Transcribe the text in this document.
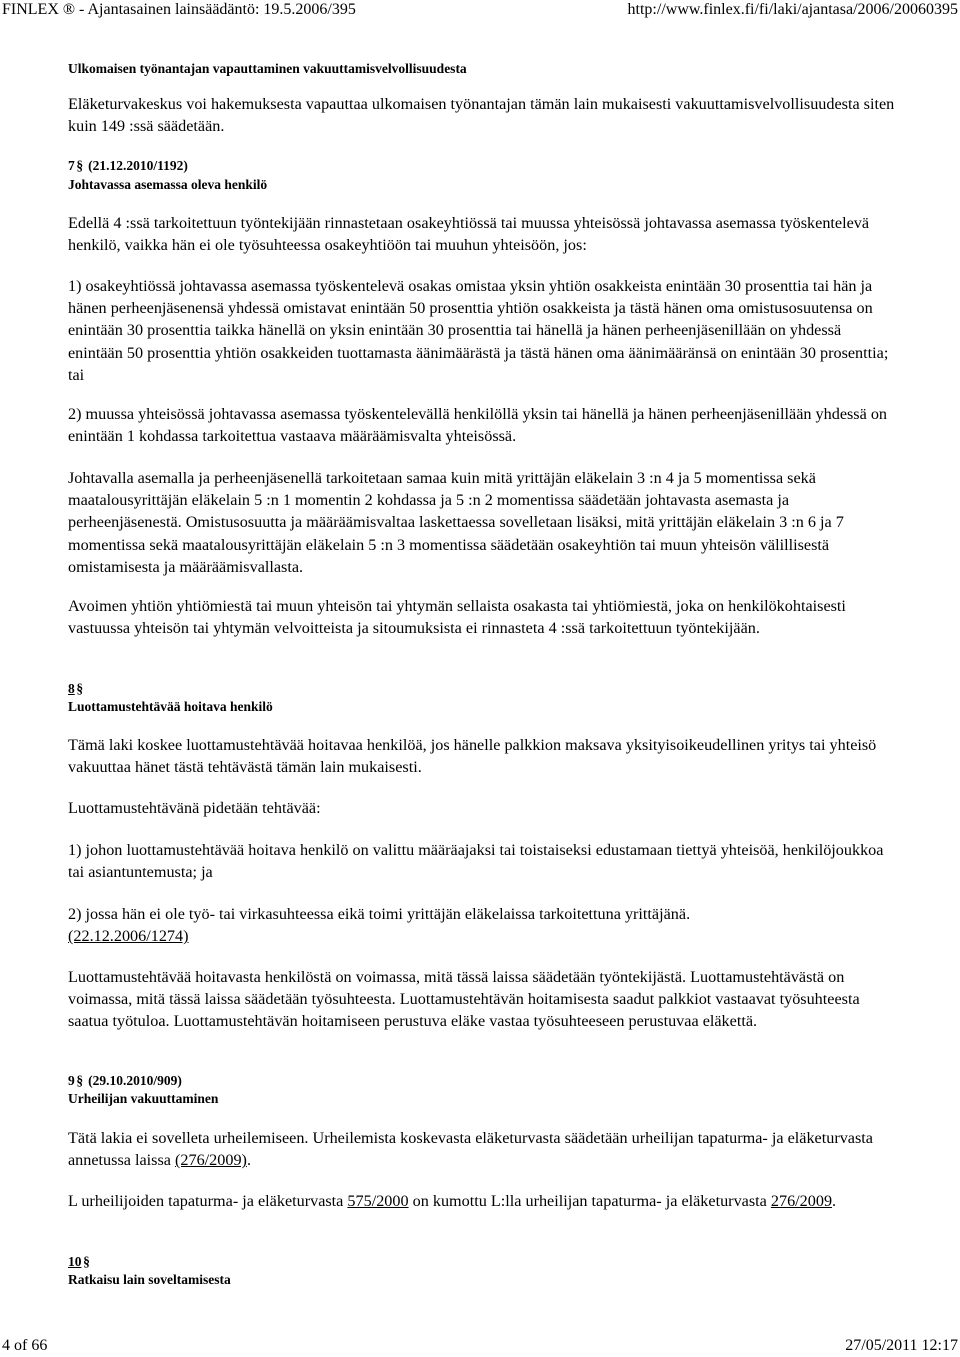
FINLEX ® - Ajantasainen lainsäädäntö: 19.5.2006/395	http://www.finlex.fi/fi/laki/ajantasa/2006/20060395
Ulkomaisen työnantajan vapauttaminen vakuuttamisvelvollisuudesta
Eläketurvakeskus voi hakemuksesta vapauttaa ulkomaisen työnantajan tämän lain mukaisesti vakuuttamisvelvollisuudesta siten kuin 149 :ssä säädetään.
7 § (21.12.2010/1192)
Johtavassa asemassa oleva henkilö
Edellä 4 :ssä tarkoitettuun työntekijään rinnastetaan osakeyhtiössä tai muussa yhteisössä johtavassa asemassa työskentelevä henkilö, vaikka hän ei ole työsuhteessa osakeyhtiöön tai muuhun yhteisöön, jos:
1) osakeyhtiössä johtavassa asemassa työskentelevä osakas omistaa yksin yhtiön osakkeista enintään 30 prosenttia tai hän ja hänen perheenjäsenensä yhdessä omistavat enintään 50 prosenttia yhtiön osakkeista ja tästä hänen oma omistusosuutensa on enintään 30 prosenttia taikka hänellä on yksin enintään 30 prosenttia tai hänellä ja hänen perheenjäsenillään on yhdessä enintään 50 prosenttia yhtiön osakkeiden tuottamasta äänimäärästä ja tästä hänen oma äänimääränsä on enintään 30 prosenttia; tai
2) muussa yhteisössä johtavassa asemassa työskentelevällä henkilöllä yksin tai hänellä ja hänen perheenjäsenillään yhdessä on enintään 1 kohdassa tarkoitettua vastaava määräämisvalta yhteisössä.
Johtavalla asemalla ja perheenjäsenellä tarkoitetaan samaa kuin mitä yrittäjän eläkelain 3 :n 4 ja 5 momentissa sekä maatalousyrittäjän eläkelain 5 :n 1 momentin 2 kohdassa ja 5 :n 2 momentissa säädetään johtavasta asemasta ja perheenjäsenestä. Omistusosuutta ja määräämisvaltaa laskettaessa sovelletaan lisäksi, mitä yrittäjän eläkelain 3 :n 6 ja 7 momentissa sekä maatalousyrittäjän eläkelain 5 :n 3 momentissa säädetään osakeyhtiön tai muun yhteisön välillisestä omistamisesta ja määräämisvallasta.
Avoimen yhtiön yhtiömiestä tai muun yhteisön tai yhtymän sellaista osakasta tai yhtiömiestä, joka on henkilökohtaisesti vastuussa yhteisön tai yhtymän velvoitteista ja sitoumuksista ei rinnasteta 4 :ssä tarkoitettuun työntekijään.
8 §
Luottamustehtävää hoitava henkilö
Tämä laki koskee luottamustehtävää hoitavaa henkilöä, jos hänelle palkkion maksava yksityisoikeudellinen yritys tai yhteisö vakuuttaa hänet tästä tehtävästä tämän lain mukaisesti.
Luottamustehtävänä pidetään tehtävää:
1) johon luottamustehtävää hoitava henkilö on valittu määräajaksi tai toistaiseksi edustamaan tiettyä yhteisöä, henkilöjoukkoa tai asiantuntemusta; ja
2) jossa hän ei ole työ- tai virkasuhteessa eikä toimi yrittäjän eläkelaissa tarkoitettuna yrittäjänä.
(22.12.2006/1274)
Luottamustehtävää hoitavasta henkilöstä on voimassa, mitä tässä laissa säädetään työntekijästä. Luottamustehtävästä on voimassa, mitä tässä laissa säädetään työsuhteesta. Luottamustehtävän hoitamisesta saadut palkkiot vastaavat työsuhteesta saatua työtuloa. Luottamustehtävän hoitamiseen perustuva eläke vastaa työsuhteeseen perustuvaa eläkettä.
9 § (29.10.2010/909)
Urheilijan vakuuttaminen
Tätä lakia ei sovelleta urheilemiseen. Urheilemista koskevasta eläketurvasta säädetään urheilijan tapaturma- ja eläketurvasta annetussa laissa (276/2009).
L urheilijoiden tapaturma- ja eläketurvasta 575/2000 on kumottu L:lla urheilijan tapaturma- ja eläketurvasta 276/2009.
10 §
Ratkaisu lain soveltamisesta
4 of 66	27/05/2011 12:17
